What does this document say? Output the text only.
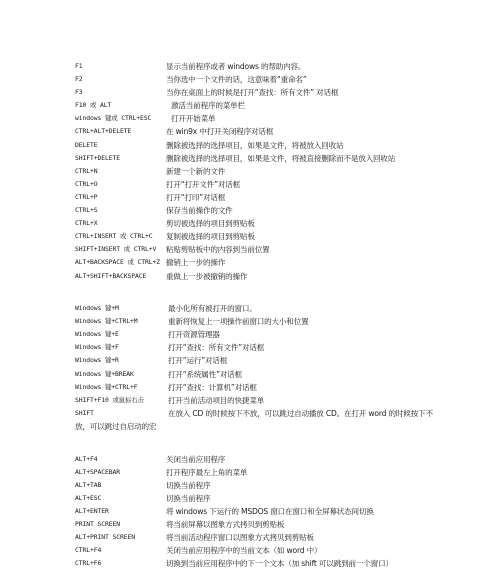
F1	显示当前程序或者 windows 的帮助内容。
F2	当你选中一个文件的话，这意味着“重命名”
F3	当你在桌面上的时候是打开“查找：所有文件” 对话框
F10 或 ALT	激活当前程序的菜单栏
windows 键或 CTRL+ESC	打开开始菜单
CTRL+ALT+DELETE	在 win9x 中打开关闭程序对话框
DELETE	删除被选择的选择项目，如果是文件，将被放入回收站
SHIFT+DELETE	删除被选择的选择项目，如果是文件，将被直接删除而不是放入回收站
CTRL+N	新建一个新的文件
CTRL+O	打开“打开文件”对话框
CTRL+P	打开“打印”对话框
CTRL+S	保存当前操作的文件
CTRL+X	剪切被选择的项目到剪贴板
CTRL+INSERT 或 CTRL+C 复制被选择的项目到剪贴板
SHIFT+INSERT 或 CTRL+V 粘贴剪贴板中的内容到当前位置
ALT+BACKSPACE 或 CTRL+Z 撤销上一步的操作
ALT+SHIFT+BACKSPACE	重做上一步被撤销的操作
Windows 键+M	最小化所有被打开的窗口。
Windows 键+CTRL+M	重新将恢复上一项操作前窗口的大小和位置
Windows 键+E	打开资源管理器
Windows 键+F	打开“查找：所有文件”对话框
Windows 键+R	打开“运行”对话框
Windows 键+BREAK	打开“系统属性”对话框
Windows 键+CTRL+F	打开“查找：计算机”对话框
SHIFT+F10 或鼠标右击	打开当前活动项目的快捷菜单
SHIFT	在放入 CD 的时候按下不放，可以跳过自动播放 CD。在打开 word 的时候按下不
放，可以跳过自启动的宏
ALT+F4	关闭当前应用程序
ALT+SPACEBAR	打开程序最左上角的菜单
ALT+TAB	切换当前程序
ALT+ESC	切换当前程序
ALT+ENTER	将 windows 下运行的 MSDOS 窗口在窗口和全屏幕状态间切换
PRINT SCREEN	将当前屏幕以图象方式拷贝到剪贴板
ALT+PRINT SCREEN	将当前活动程序窗口以图象方式拷贝到剪贴板
CTRL+F4	关闭当前应用程序中的当前文本（如 word 中）
CTRL+F6	切换到当前应用程序中的下一个文本（加 shift 可以跳到前一个窗口）
